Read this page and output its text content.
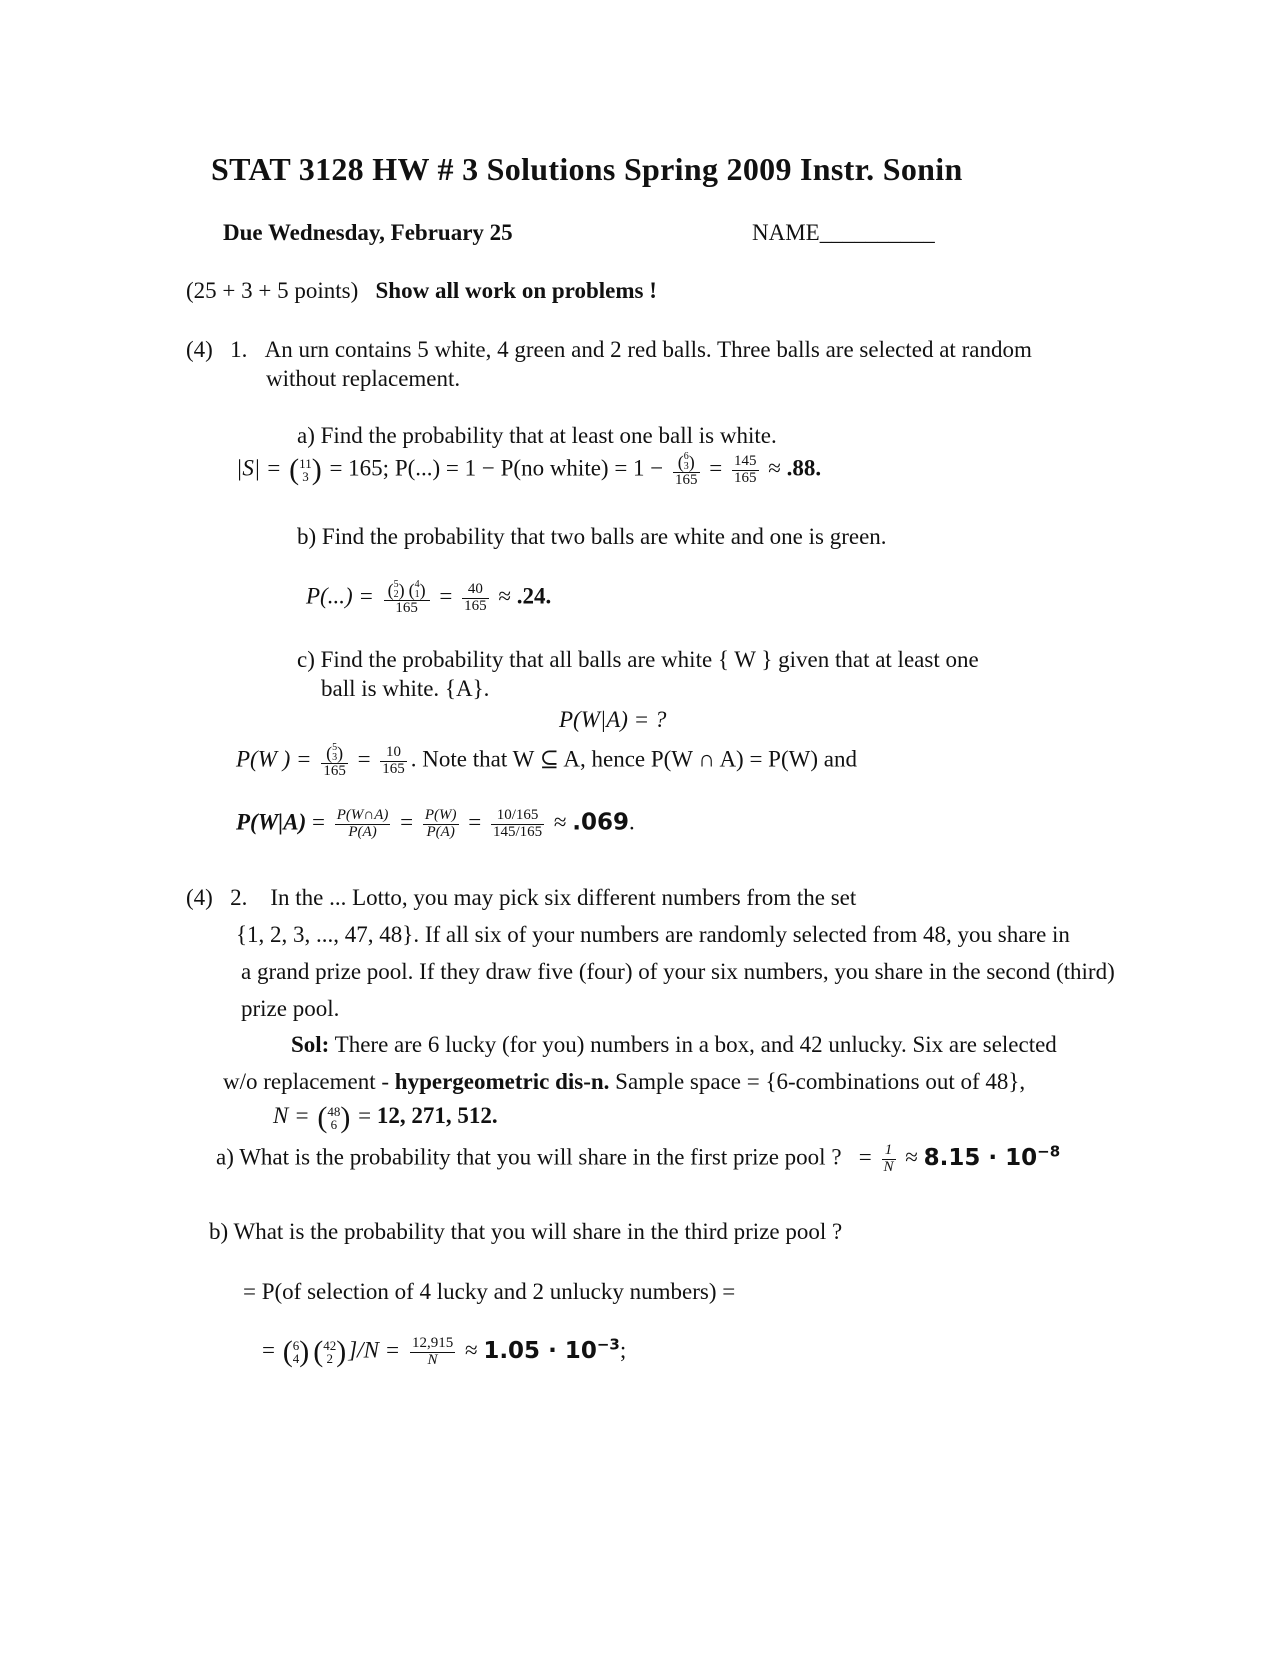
STAT 3128 HW # 3 Solutions Spring 2009 Instr. Sonin
Due Wednesday, February 25	NAME__________
(25 + 3 + 5 points) Show all work on problems !
(4) 1. An urn contains 5 white, 4 green and 2 red balls. Three balls are selected at random
without replacement.
a) Find the probability that at least one ball is white.
|S| = ( 11
3 ) = 165; P(...) = 1 − P(no white) = 1 − ( 6
3 )
$165 = \frac{145}{165} \approx .88$.
b) Find the probability that two balls are white and one is green.
P(...) = ( 5
2 ) ( 4
1 )
$165 = \frac{40}{165} \approx .24$.
c) Find the probability that all balls are white { W } given that at least one
ball is white. {A}.
P(W|A) = ?
P(W ) = ( 5
3 )
$165 = \frac{10}{165}$ . Note that W ⊆ A, hence P(W ∩ A) = P(W) and
$P(W|A) = \frac{P(W\cap A)}{P(A)} = \frac{P(W)}{P(A)} = \frac{10/165}{145/165} \approx .069$.
(4) 2. In the ... Lotto, you may pick six different numbers from the set
{1, 2, 3, ..., 47, 48}. If all six of your numbers are randomly selected from 48, you share in
a grand prize pool. If they draw five (four) of your six numbers, you share in the second (third)
prize pool.
Sol: There are 6 lucky (for you) numbers in a box, and 42 unlucky. Six are selected
w/o replacement - hypergeometric dis-n. Sample space = {6-combinations out of 48},
N = ( 48
6 ) = 12, 271, 512.
a) What is the probability that you will share in the first prize pool ?   = $\frac{1}{N} \approx 8.15 \cdot 10^{-8}$
b) What is the probability that you will share in the third prize pool ?
= P(of selection of 4 lucky and 2 unlucky numbers) =
= ( 6
4 ) ( 42
2 )]$/N = \frac{12,915}{N} \approx 1.05 \cdot 10^{-3}$;
